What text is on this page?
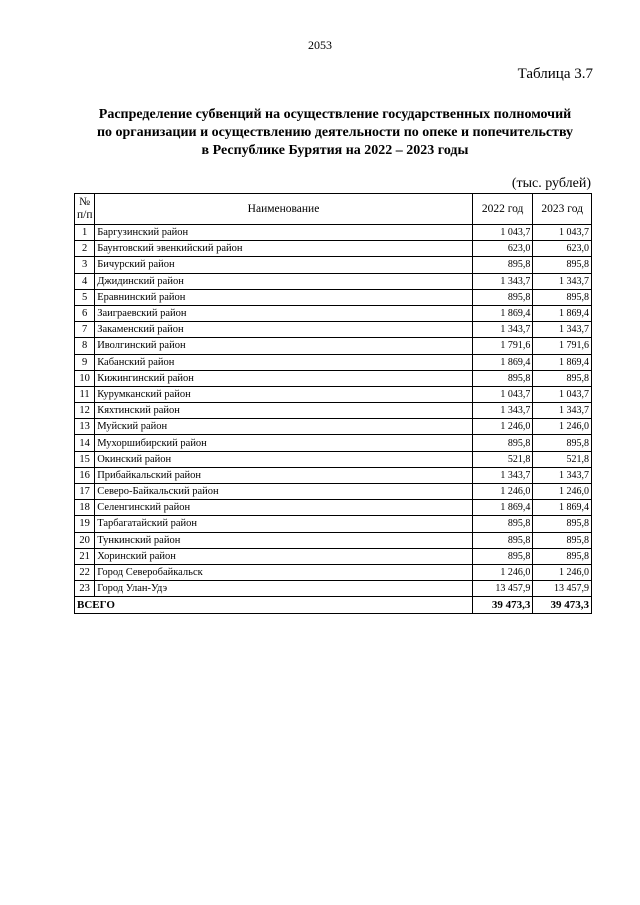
2053
Таблица 3.7
Распределение субвенций на осуществление государственных полномочий
по организации и осуществлению деятельности по опеке и попечительству
в Республике Бурятия на 2022 – 2023 годы
(тыс. рублей)
№
п/п	Наименование	2022 год	2023 год
1	Баргузинский район	1 043,7	1 043,7
2	Баунтовский эвенкийский район	623,0	623,0
3	Бичурский район	895,8	895,8
4	Джидинский район	1 343,7	1 343,7
5	Еравнинский район	895,8	895,8
6	Заиграевский район	1 869,4	1 869,4
7	Закаменский район	1 343,7	1 343,7
8	Иволгинский район	1 791,6	1 791,6
9	Кабанский район	1 869,4	1 869,4
10	Кижингинский район	895,8	895,8
11	Курумканский район	1 043,7	1 043,7
12	Кяхтинский район	1 343,7	1 343,7
13	Муйский район	1 246,0	1 246,0
14	Мухоршибирский район	895,8	895,8
15	Окинский район	521,8	521,8
16	Прибайкальский район	1 343,7	1 343,7
17	Северо-Байкальский район	1 246,0	1 246,0
18	Селенгинский район	1 869,4	1 869,4
19	Тарбагатайский район	895,8	895,8
20	Тункинский район	895,8	895,8
21	Хоринский район	895,8	895,8
22	Город Северобайкальск	1 246,0	1 246,0
23	Город Улан-Удэ	13 457,9	13 457,9
ВСЕГО		39 473,3	39 473,3
